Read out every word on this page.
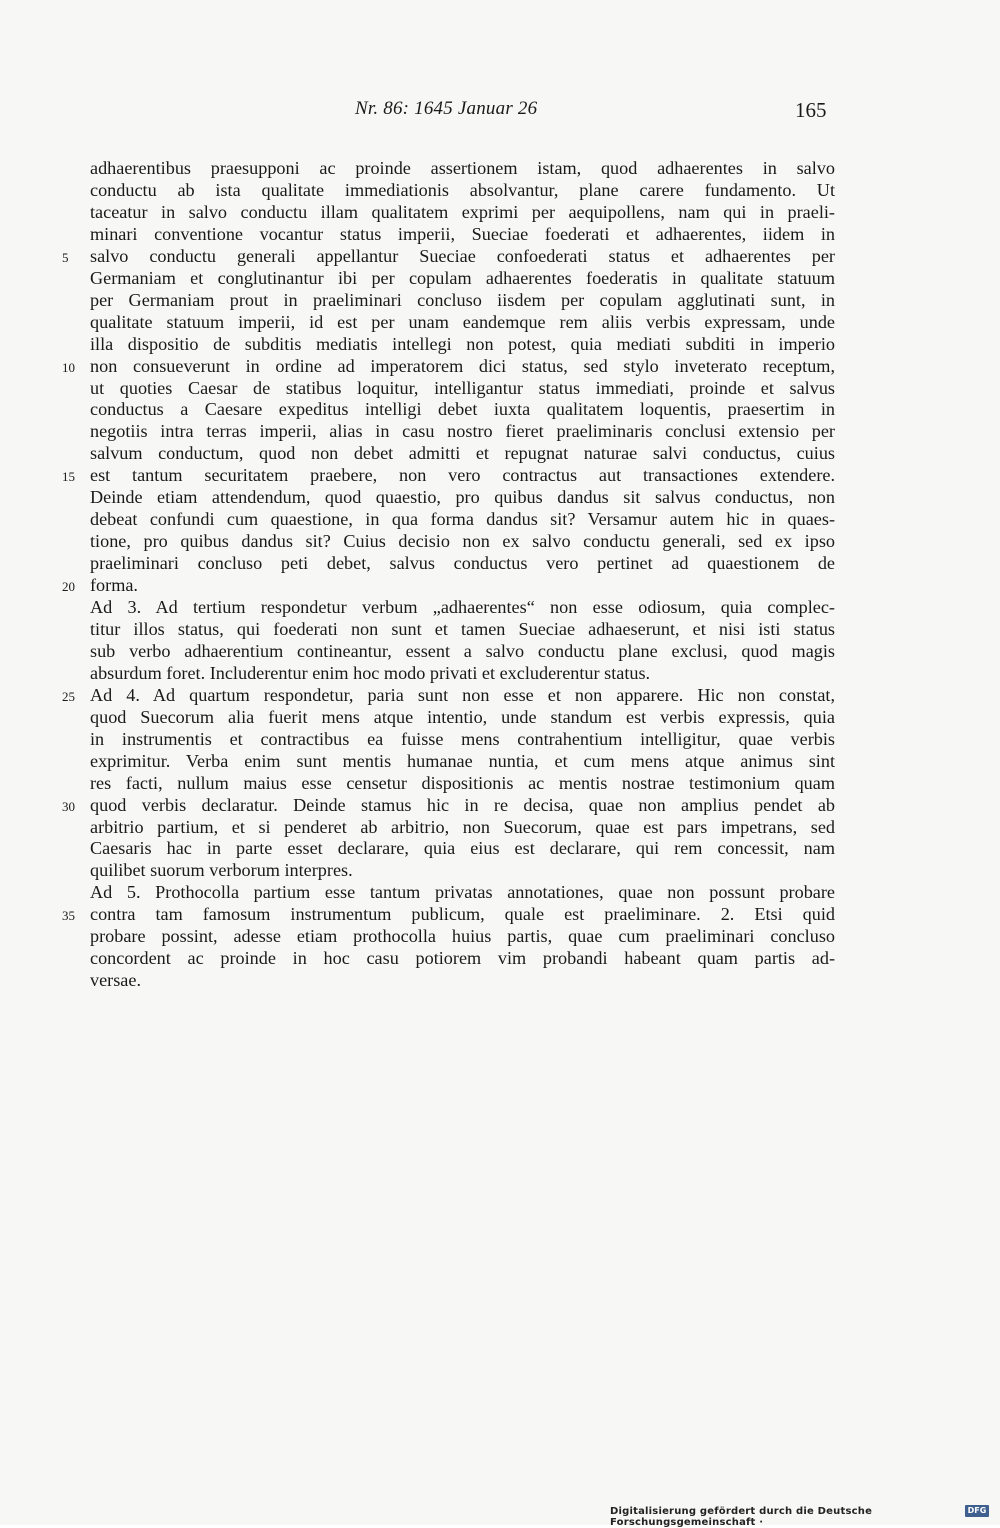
Nr. 86: 1645 Januar 26	165
adhaerentibus praesupponi ac proinde assertionem istam, quod adhaerentes in salvo
conductu ab ista qualitate immediationis absolvantur, plane carere fundamento. Ut
taceatur in salvo conductu illam qualitatem exprimi per aequipollens, nam qui in praeli-
minari conventione vocantur status imperii, Sueciae foederati et adhaerentes, iidem in
salvo conductu generali appellantur Sueciae confoederati status et adhaerentes per
5
Germaniam et conglutinantur ibi per copulam adhaerentes foederatis in qualitate statuum
per Germaniam prout in praeliminari concluso iisdem per copulam agglutinati sunt, in
qualitate statuum imperii, id est per unam eandemque rem aliis verbis expressam, unde
illa dispositio de subditis mediatis intellegi non potest, quia mediati subditi in imperio
non consueverunt in ordine ad imperatorem dici status, sed stylo inveterato receptum,
10
ut quoties Caesar de statibus loquitur, intelligantur status immediati, proinde et salvus
conductus a Caesare expeditus intelligi debet iuxta qualitatem loquentis, praesertim in
negotiis intra terras imperii, alias in casu nostro fieret praeliminaris conclusi extensio per
salvum conductum, quod non debet admitti et repugnat naturae salvi conductus, cuius
est tantum securitatem praebere, non vero contractus aut transactiones extendere.
15
Deinde etiam attendendum, quod quaestio, pro quibus dandus sit salvus conductus, non
debeat confundi cum quaestione, in qua forma dandus sit? Versamur autem hic in quaes-
tione, pro quibus dandus sit? Cuius decisio non ex salvo conductu generali, sed ex ipso
praeliminari concluso peti debet, salvus conductus vero pertinet ad quaestionem de
forma.
20
Ad 3. Ad tertium respondetur verbum „adhaerentes“ non esse odiosum, quia complec-
titur illos status, qui foederati non sunt et tamen Sueciae adhaeserunt, et nisi isti status
sub verbo adhaerentium contineantur, essent a salvo conductu plane exclusi, quod magis
absurdum foret. Includerentur enim hoc modo privati et excluderentur status.
Ad 4. Ad quartum respondetur, paria sunt non esse et non apparere. Hic non constat,
25
quod Suecorum alia fuerit mens atque intentio, unde standum est verbis expressis, quia
in instrumentis et contractibus ea fuisse mens contrahentium intelligitur, quae verbis
exprimitur. Verba enim sunt mentis humanae nuntia, et cum mens atque animus sint
res facti, nullum maius esse censetur dispositionis ac mentis nostrae testimonium quam
quod verbis declaratur. Deinde stamus hic in re decisa, quae non amplius pendet ab
30
arbitrio partium, et si penderet ab arbitrio, non Suecorum, quae est pars impetrans, sed
Caesaris hac in parte esset declarare, quia eius est declarare, qui rem concessit, nam
quilibet suorum verborum interpres.
Ad 5. Prothocolla partium esse tantum privatas annotationes, quae non possunt probare
contra tam famosum instrumentum publicum, quale est praeliminare. 2. Etsi quid
35
probare possint, adesse etiam prothocolla huius partis, quae cum praeliminari concluso
concordent ac proinde in hoc casu potiorem vim probandi habeant quam partis ad-
versae.
Digitalisierung gefördert durch die Deutsche Forschungsgemeinschaft ·
DFG
